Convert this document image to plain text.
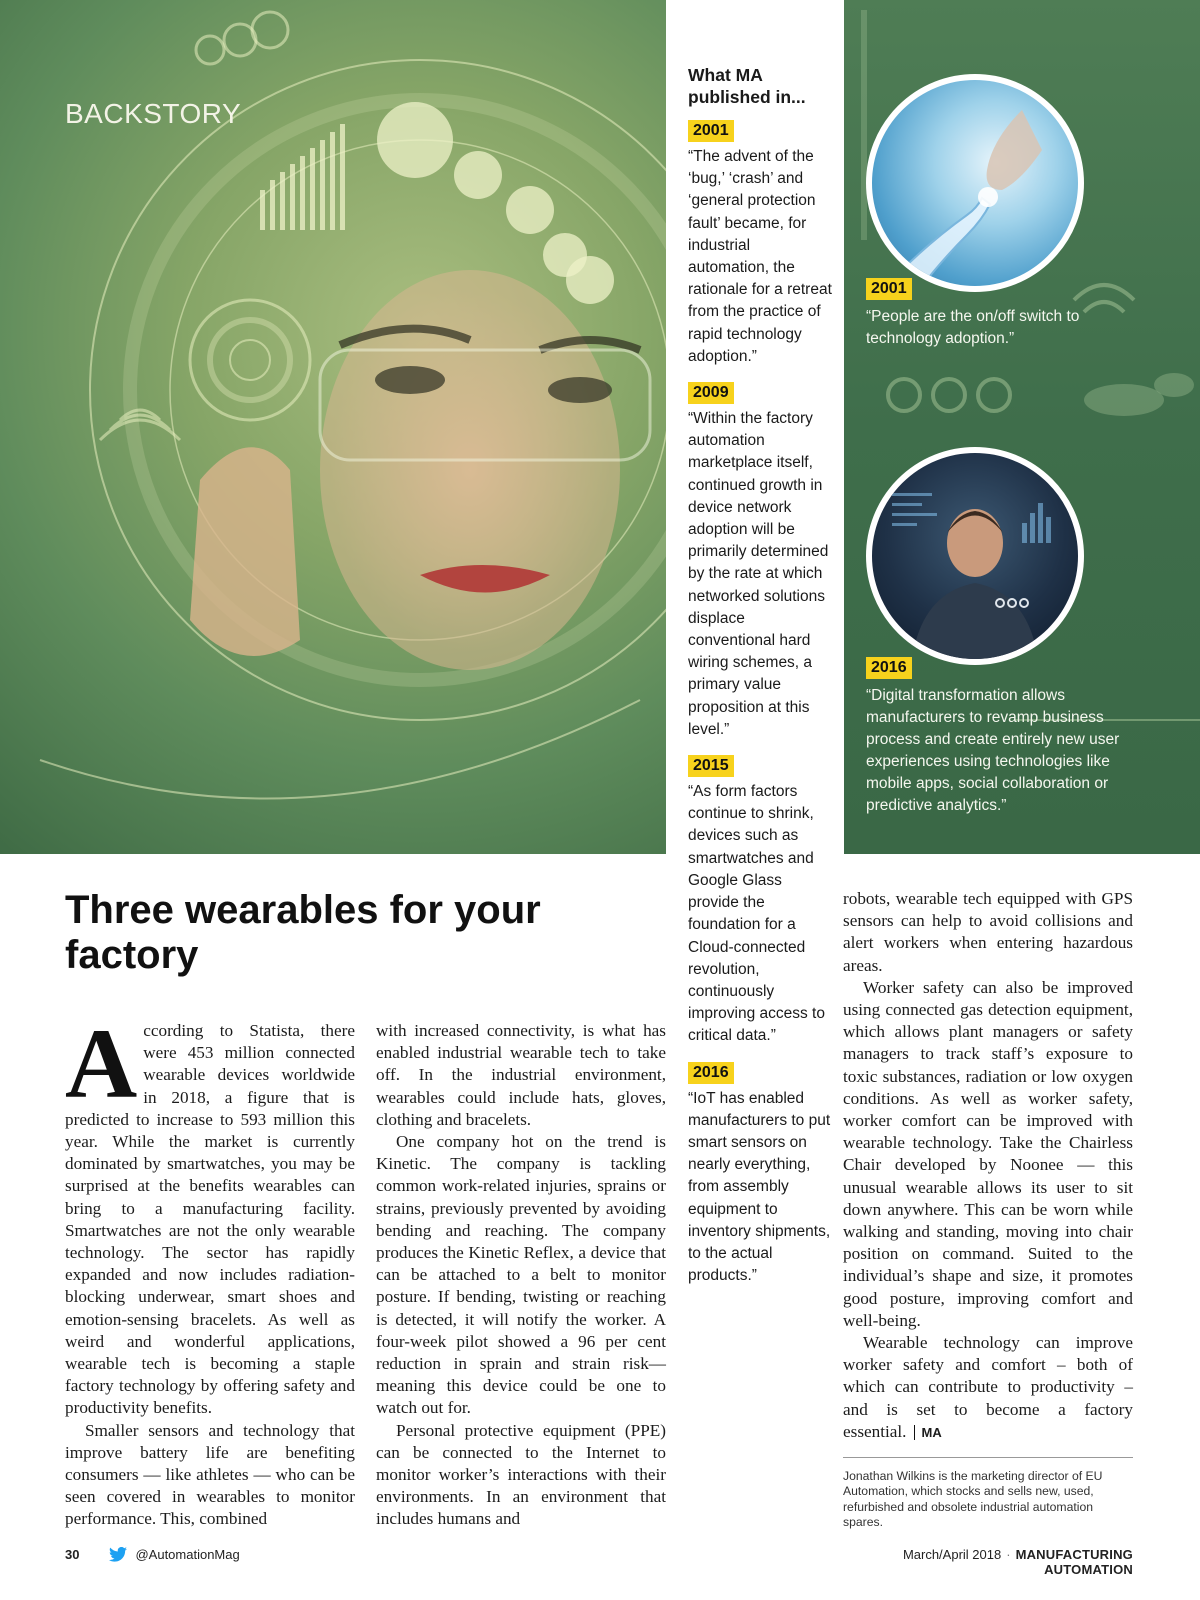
BACKSTORY
What MA published in...
2001

“The advent of the ‘bug,’ ‘crash’ and ‘general protection fault’ became, for industrial automation, the rationale for a retreat from the practice of rapid technology adoption.”

2009

“Within the factory automation marketplace itself, continued growth in device network adoption will be primarily determined by the rate at which networked solutions displace conventional hard wiring schemes, a primary value proposition at this level.”

2015

“As form factors continue to shrink, devices such as smartwatches and Google Glass provide the foundation for a Cloud-connected revolution, continuously improving access to critical data.”

2016

“IoT has enabled manufacturers to put smart sensors on nearly everything, from assembly equipment to inventory shipments, to the actual products.”

2001
“People are the on/off switch to technology adoption.”
2016
“Digital transformation allows manufacturers to revamp business process and create entirely new user experiences using technologies like mobile apps, social collaboration or predictive analytics.”
Three wearables for your factory

According to Statista, there were 453 million connected wearable devices worldwide in 2018, a figure that is predicted to increase to 593 million this year. While the market is currently dominated by smartwatches, you may be surprised at the benefits wearables can bring to a manufacturing facility. Smartwatches are not the only wearable technology. The sector has rapidly expanded and now includes radiation-blocking underwear, smart shoes and emotion-sensing bracelets. As well as weird and wonderful applications, wearable tech is becoming a staple factory technology by offering safety and productivity benefits.

Smaller sensors and technology that improve battery life are benefiting consumers — like athletes — who can be seen covered in wearables to monitor performance. This, combined

with increased connectivity, is what has enabled industrial wearable tech to take off. In the industrial environment, wearables could include hats, gloves, clothing and bracelets.

One company hot on the trend is Kinetic. The company is tackling common work-related injuries, sprains or strains, previously prevented by avoiding bending and reaching. The company produces the Kinetic Reflex, a device that can be attached to a belt to monitor posture. If bending, twisting or reaching is detected, it will notify the worker. A four-week pilot showed a 96 per cent reduction in sprain and strain risk—meaning this device could be one to watch out for.

Personal protective equipment (PPE) can be connected to the Internet to monitor worker’s interactions with their environments. In an environment that includes humans and

robots, wearable tech equipped with GPS sensors can help to avoid collisions and alert workers when entering hazardous areas.

Worker safety can also be improved using connected gas detection equipment, which allows plant managers or safety managers to track staff’s exposure to toxic substances, radiation or low oxygen conditions. As well as worker safety, worker comfort can be improved with wearable technology. Take the Chairless Chair developed by Noonee — this unusual wearable allows its user to sit down anywhere. This can be worn while walking and standing, moving into chair position on command. Suited to the individual’s shape and size, it promotes good posture, improving comfort and well-being.

Wearable technology can improve worker safety and comfort – both of which can contribute to productivity – and is set to become a factory essential. MA

Jonathan Wilkins is the marketing director of EU Automation, which stocks and sells new, used, refurbished and obsolete industrial automation spares.
30	@AutomationMag	March/April 2018 · MANUFACTURING AUTOMATION
